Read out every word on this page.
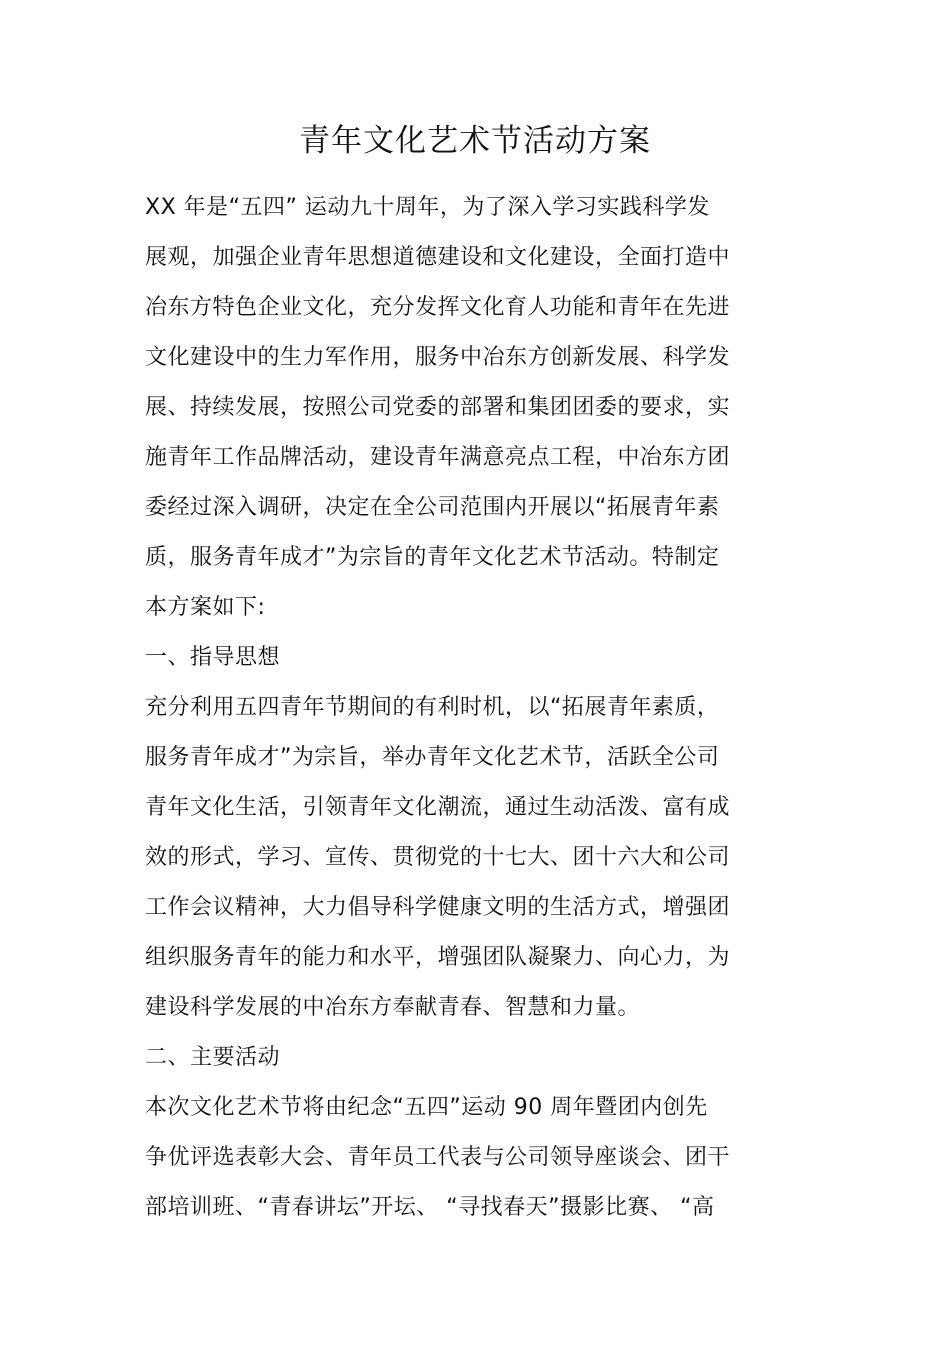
青年文化艺术节活动方案
XX 年是“五四” 运动九十周年，为了深入学习实践科学发
展观，加强企业青年思想道德建设和文化建设，全面打造中
冶东方特色企业文化，充分发挥文化育人功能和青年在先进
文化建设中的生力军作用，服务中冶东方创新发展、科学发
展、持续发展，按照公司党委的部署和集团团委的要求，实
施青年工作品牌活动，建设青年满意亮点工程，中冶东方团
委经过深入调研，决定在全公司范围内开展以“拓展青年素
质，服务青年成才”为宗旨的青年文化艺术节活动。特制定
本方案如下:
一、指导思想
充分利用五四青年节期间的有利时机，以“拓展青年素质，
服务青年成才”为宗旨，举办青年文化艺术节，活跃全公司
青年文化生活，引领青年文化潮流，通过生动活泼、富有成
效的形式，学习、宣传、贯彻党的十七大、团十六大和公司
工作会议精神，大力倡导科学健康文明的生活方式，增强团
组织服务青年的能力和水平，增强团队凝聚力、向心力，为
建设科学发展的中冶东方奉献青春、智慧和力量。
二、主要活动
本次文化艺术节将由纪念“五四”运动 90 周年暨团内创先
争优评选表彰大会、青年员工代表与公司领导座谈会、团干
部培训班、“青春讲坛”开坛、 “寻找春天”摄影比赛、 “高
